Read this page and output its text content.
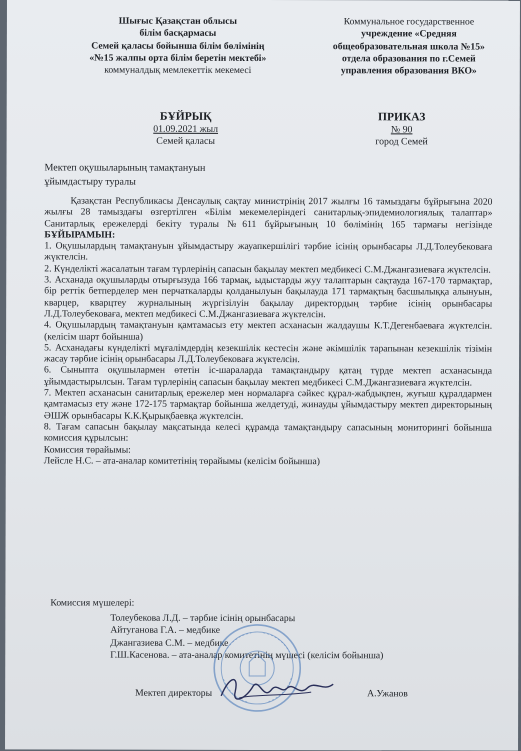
Шығыс Қазақстан облысы
білім басқармасы
Семей қаласы бойынша білім бөлімінің
«№15 жалпы орта білім беретін мектебі»
коммуналдық мемлекеттік мекемесі
Коммунальное государственное
учреждение «Средняя
общеобразовательная школа №15»
отдела образования по г.Семей
управления образования ВКО»
БҰЙРЫҚ
01.09.2021 жыл
Семей қаласы
ПРИКАЗ
№ 90
город Семей
Мектеп оқушыларының тамақтануын
ұйымдастыру туралы

Қазақстан Республикасы Денсаулық сақтау министрінің 2017 жылғы 16 тамыздағы бұйрығына 2020 жылғы 28 тамыздағы өзгертілген «Білім мекемелеріндегі санитарлық-эпидемиологиялық талаптар» Санитарлық ережелерді бекіту туралы №611 бұйрығының 10 бөлімінің 165 тармағы негізінде БҰЙЫРАМЫН:

1. Оқушылардың тамақтануын ұйымдастыру жауапкершілігі тәрбие ісінің орынбасары Л.Д.Толеубековаға жүктелсін.

2. Күнделікті жасалатын тағам түрлерінің сапасын бақылау мектеп медбикесі С.М.Джангазиеваға жүктелсін.

3. Асханада оқушыларды отырғызуда 166 тармақ, ыдыстарды жуу талаптарын сақтауда 167-170 тармақтар, бір реттік бетперделер мен перчаткаларды қолданылуын бақылауда 171 тармақтың басшылыққа алынуын, кварцер, кварцтеу журналының жүргізілуін бақылау директордың тәрбие ісінің орынбасары Л.Д.Толеубековаға, мектеп медбикесі С.М.Джангазиеваға жүктелсін.

4. Оқушылардың тамақтануын қамтамасыз ету мектеп асханасын жалдаушы К.Т.Дегенбаеваға жүктелсін. (келісім шарт бойынша)

5. Асханадағы күнделікті мұғалімдердің кезекшілік кестесін және әкімшілік тарапынан кезекшілік тізімін жасау тәрбие ісінің орынбасары Л.Д.Толеубековаға жүктелсін.

6. Сыныпта оқушылармен өтетін іс-шараларда тамақтандыру қатаң түрде мектеп асханасында ұйымдастырылсын. Тағам түрлерінің сапасын бақылау мектеп медбикесі С.М.Джангазиеваға жүктелсін.

7. Мектеп асханасын санитарлық ережелер мен нормаларға сәйкес құрал-жабдықпен, жуғыш құралдармен қамтамасыз ету және 172-175 тармақтар бойынша желдетуді, жинауды ұйымдастыру мектеп директорының ӘШЖ орынбасары К.К.Қырықбаевқа жүктелсін.

8. Тағам сапасын бақылау мақсатында келесі құрамда тамақтандыру сапасының мониторингі бойынша комиссия құрылсын:

Комиссия төрайымы:

Лейсле Н.С. – ата-аналар комитетінің төрайымы (келісім бойынша)

Комиссия мүшелері:
Толеубекова Л.Д. – тәрбие ісінің орынбасары
Айтуганова Г.А. – медбике
Джангазиева С.М. – медбике
Г.Ш.Касенова. – ата-аналар комитетінің мүшесі (келісім бойынша)
Мектеп директоры	А.Ужанов
